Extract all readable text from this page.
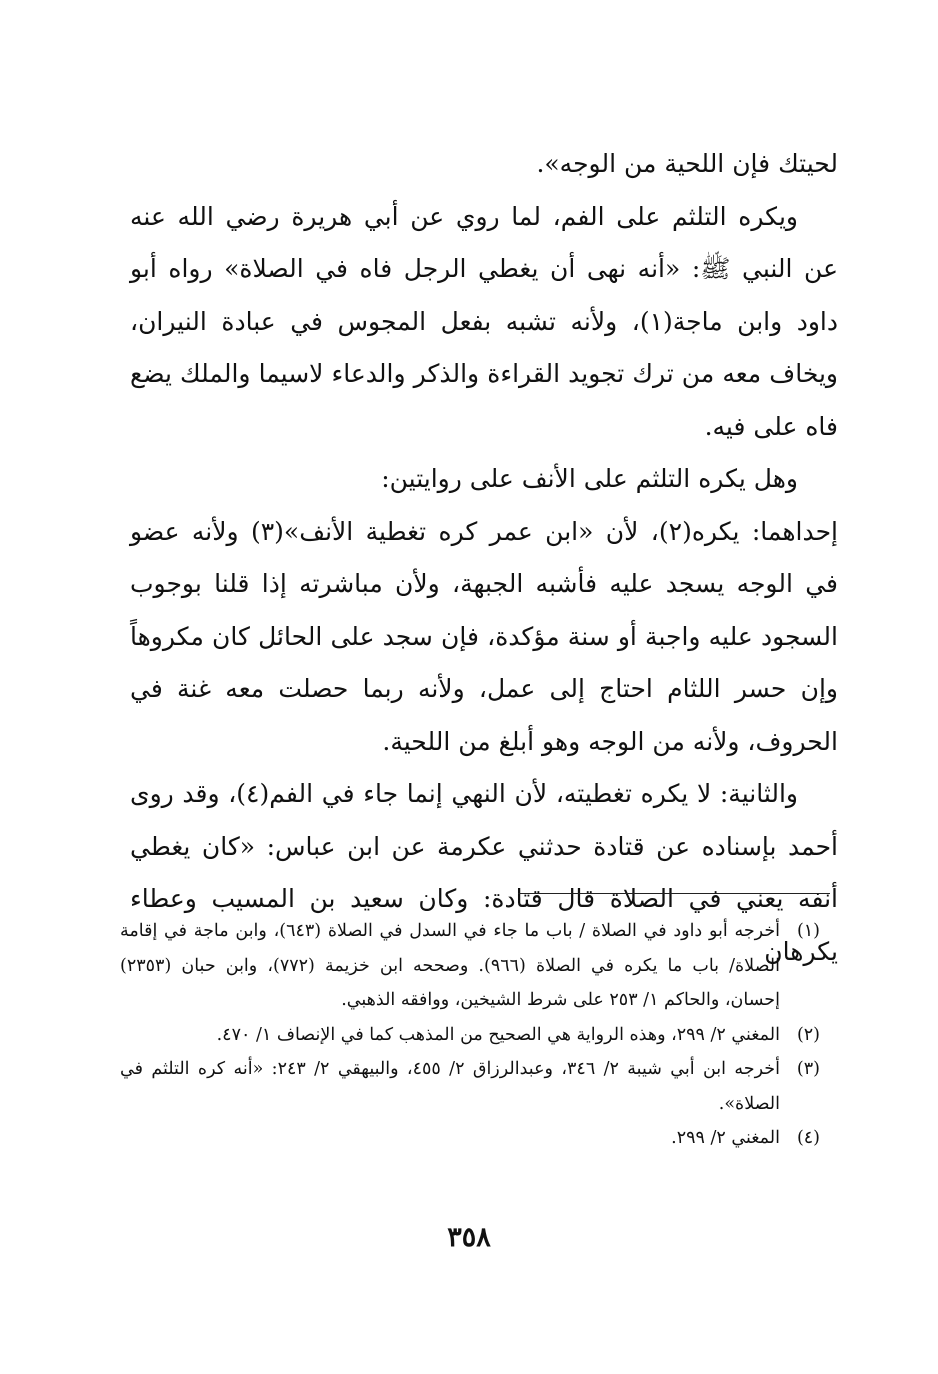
لحيتك فإن اللحية من الوجه».

ويكره التلثم على الفم، لما روي عن أبي هريرة رضي الله عنه عن النبي ﷺ: «أنه نهى أن يغطي الرجل فاه في الصلاة» رواه أبو داود وابن ماجة(١)، ولأنه تشبه بفعل المجوس في عبادة النيران، ويخاف معه من ترك تجويد القراءة والذكر والدعاء لاسيما والملك يضع فاه على فيه.

وهل يكره التلثم على الأنف على روايتين:

إحداهما: يكره(٢)، لأن «ابن عمر كره تغطية الأنف»(٣) ولأنه عضو في الوجه يسجد عليه فأشبه الجبهة، ولأن مباشرته إذا قلنا بوجوب السجود عليه واجبة أو سنة مؤكدة، فإن سجد على الحائل كان مكروهاً وإن حسر اللثام احتاج إلى عمل، ولأنه ربما حصلت معه غنة في الحروف، ولأنه من الوجه وهو أبلغ من اللحية.

والثانية: لا يكره تغطيته، لأن النهي إنما جاء في الفم(٤)، وقد روى أحمد بإسناده عن قتادة حدثني عكرمة عن ابن عباس: «كان يغطي أنفه يعني في الصلاة قال قتادة: وكان سعيد بن المسيب وعطاء يكرهان

(١)أخرجه أبو داود في الصلاة / باب ما جاء في السدل في الصلاة (٦٤٣)، وابن ماجة في إقامة الصلاة/ باب ما يكره في الصلاة (٩٦٦). وصححه ابن خزيمة (٧٧٢)، وابن حبان (٢٣٥٣) إحسان، والحاكم ١/ ٢٥٣ على شرط الشيخين، ووافقه الذهبي.

(٢)المغني ٢/ ٢٩٩، وهذه الرواية هي الصحيح من المذهب كما في الإنصاف ١/ ٤٧٠.

(٣)أخرجه ابن أبي شيبة ٢/ ٣٤٦، وعبدالرزاق ٢/ ٤٥٥، والبيهقي ٢/ ٢٤٣: «أنه كره التلثم في الصلاة».

(٤)المغني ٢/ ٢٩٩.

٣٥٨
